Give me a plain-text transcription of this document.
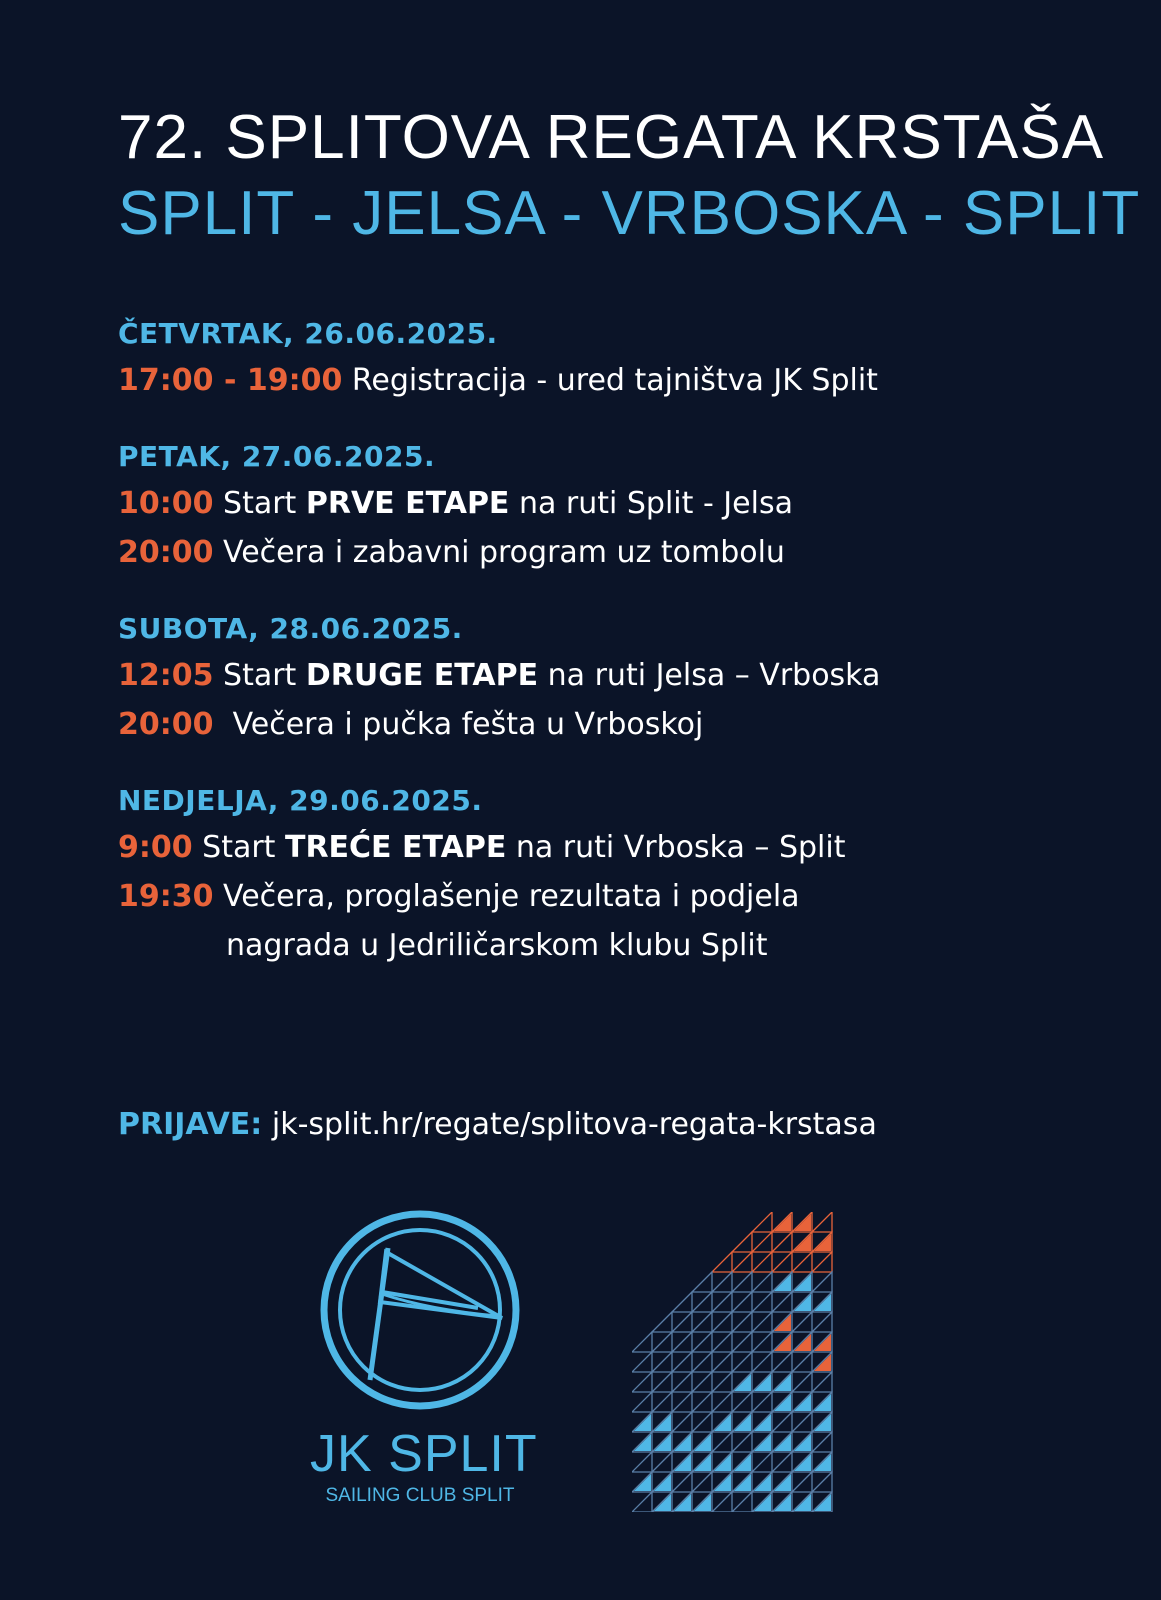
72. SPLITOVA REGATA KRSTAŠA
SPLIT - JELSA - VRBOSKA - SPLIT
ČETVRTAK, 26.06.2025.
17:00 - 19:00 Registracija - ured tajništva JK Split
PETAK, 27.06.2025.
10:00 Start PRVE ETAPE na ruti Split - Jelsa
20:00 Večera i zabavni program uz tombolu
SUBOTA, 28.06.2025.
12:05 Start DRUGE ETAPE na ruti Jelsa – Vrboska
20:00  Večera i pučka fešta u Vrboskoj
NEDJELJA, 29.06.2025.
9:00 Start TREĆE ETAPE na ruti Vrboska – Split
19:30 Večera, proglašenje rezultata i podjela
nagrada u Jedriličarskom klubu Split
PRIJAVE: jk-split.hr/regate/splitova-regata-krstasa
JK SPLIT
SAILING CLUB SPLIT
